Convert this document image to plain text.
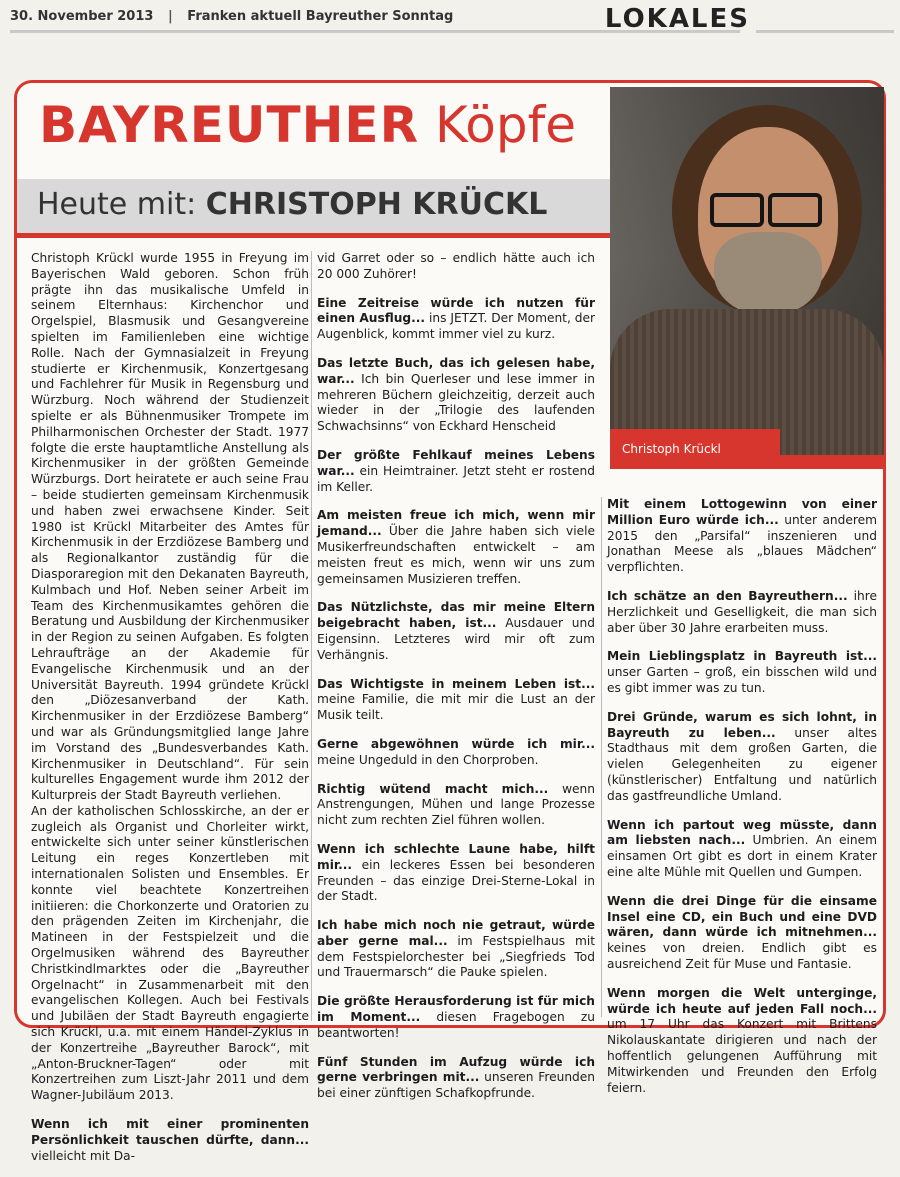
30. November 2013 | Franken aktuell Bayreuther Sonntag	LOKALES
BAYREUTHER Köpfe
Heute mit: CHRISTOPH KRÜCKL
Christoph Krückl

Christoph Krückl wurde 1955 in Freyung im Bayerischen Wald geboren. Schon früh prägte ihn das musikalische Umfeld in seinem Elternhaus: Kirchenchor und Orgelspiel, Blasmusik und Gesangvereine spielten im Familienleben eine wichtige Rolle. Nach der Gymnasialzeit in Freyung studierte er Kirchenmusik, Konzertgesang und Fachlehrer für Musik in Regensburg und Würzburg. Noch während der Studienzeit spielte er als Bühnenmusiker Trompete im Philharmonischen Orchester der Stadt. 1977 folgte die erste hauptamtliche Anstellung als Kirchenmusiker in der größten Gemeinde Würzburgs. Dort heiratete er auch seine Frau – beide studierten gemeinsam Kirchenmusik und haben zwei erwachsene Kinder. Seit 1980 ist Krückl Mitarbeiter des Amtes für Kirchenmusik in der Erzdiözese Bamberg und als Regionalkantor zuständig für die Diasporaregion mit den Dekanaten Bayreuth, Kulmbach und Hof. Neben seiner Arbeit im Team des Kirchenmusikamtes gehören die Beratung und Ausbildung der Kirchenmusiker in der Region zu seinen Aufgaben. Es folgten Lehraufträge an der Akademie für Evangelische Kirchenmusik und an der Universität Bayreuth. 1994 gründete Krückl den „Diözesanverband der Kath. Kirchenmusiker in der Erzdiözese Bamberg“ und war als Gründungsmitglied lange Jahre im Vorstand des „Bundesverbandes Kath. Kirchenmusiker in Deutschland“. Für sein kulturelles Engagement wurde ihm 2012 der Kulturpreis der Stadt Bayreuth verliehen.

An der katholischen Schlosskirche, an der er zugleich als Organist und Chorleiter wirkt, entwickelte sich unter seiner künstlerischen Leitung ein reges Konzertleben mit internationalen Solisten und Ensembles. Er konnte viel beachtete Konzertreihen initiieren: die Chorkonzerte und Oratorien zu den prägenden Zeiten im Kirchenjahr, die Matineen in der Festspielzeit und die Orgelmusiken während des Bayreuther Christkindlmarktes oder die „Bayreuther Orgelnacht“ in Zusammenarbeit mit den evangelischen Kollegen. Auch bei Festivals und Jubiläen der Stadt Bayreuth engagierte sich Krückl, u.a. mit einem Händel-Zyklus in der Konzertreihe „Bayreuther Barock“, mit „Anton-Bruckner-Tagen“ oder mit Konzertreihen zum Liszt-Jahr 2011 und dem Wagner-Jubiläum 2013.

Wenn ich mit einer prominenten Persönlichkeit tauschen dürfte, dann... vielleicht mit Da-

vid Garret oder so – endlich hätte auch ich 20 000 Zuhörer!

Eine Zeitreise würde ich nutzen für einen Ausflug... ins JETZT. Der Moment, der Augenblick, kommt immer viel zu kurz.

Das letzte Buch, das ich gelesen habe, war... Ich bin Querleser und lese immer in mehreren Büchern gleichzeitig, derzeit auch wieder in der „Trilogie des laufenden Schwachsinns“ von Eckhard Henscheid

Der größte Fehlkauf meines Lebens war... ein Heimtrainer. Jetzt steht er rostend im Keller.

Am meisten freue ich mich, wenn mir jemand... Über die Jahre haben sich viele Musikerfreundschaften entwickelt – am meisten freut es mich, wenn wir uns zum gemeinsamen Musizieren treffen.

Das Nützlichste, das mir meine Eltern beigebracht haben, ist... Ausdauer und Eigensinn. Letzteres wird mir oft zum Verhängnis.

Das Wichtigste in meinem Leben ist... meine Familie, die mit mir die Lust an der Musik teilt.

Gerne abgewöhnen würde ich mir... meine Ungeduld in den Chorproben.

Richtig wütend macht mich... wenn Anstrengungen, Mühen und lange Prozesse nicht zum rechten Ziel führen wollen.

Wenn ich schlechte Laune habe, hilft mir... ein leckeres Essen bei besonderen Freunden – das einzige Drei-Sterne-Lokal in der Stadt.

Ich habe mich noch nie getraut, würde aber gerne mal... im Festspielhaus mit dem Festspielorchester bei „Siegfrieds Tod und Trauermarsch“ die Pauke spielen.

Die größte Herausforderung ist für mich im Moment... diesen Fragebogen zu beantworten!

Fünf Stunden im Aufzug würde ich gerne verbringen mit... unseren Freunden bei einer zünftigen Schafkopfrunde.

Mit einem Lottogewinn von einer Million Euro würde ich... unter anderem 2015 den „Parsifal“ inszenieren und Jonathan Meese als „blaues Mädchen“ verpflichten.

Ich schätze an den Bayreuthern... ihre Herzlichkeit und Geselligkeit, die man sich aber über 30 Jahre erarbeiten muss.

Mein Lieblingsplatz in Bayreuth ist... unser Garten – groß, ein bisschen wild und es gibt immer was zu tun.

Drei Gründe, warum es sich lohnt, in Bayreuth zu leben... unser altes Stadthaus mit dem großen Garten, die vielen Gelegenheiten zu eigener (künstlerischer) Entfaltung und natürlich das gastfreundliche Umland.

Wenn ich partout weg müsste, dann am liebsten nach... Umbrien. An einem einsamen Ort gibt es dort in einem Krater eine alte Mühle mit Quellen und Gumpen.

Wenn die drei Dinge für die einsame Insel eine CD, ein Buch und eine DVD wären, dann würde ich mitnehmen... keines von dreien. Endlich gibt es ausreichend Zeit für Muse und Fantasie.

Wenn morgen die Welt unterginge, würde ich heute auf jeden Fall noch... um 17 Uhr das Konzert mit Brittens Nikolauskantate dirigieren und nach der hoffentlich gelungenen Aufführung mit Mitwirkenden und Freunden den Erfolg feiern.
